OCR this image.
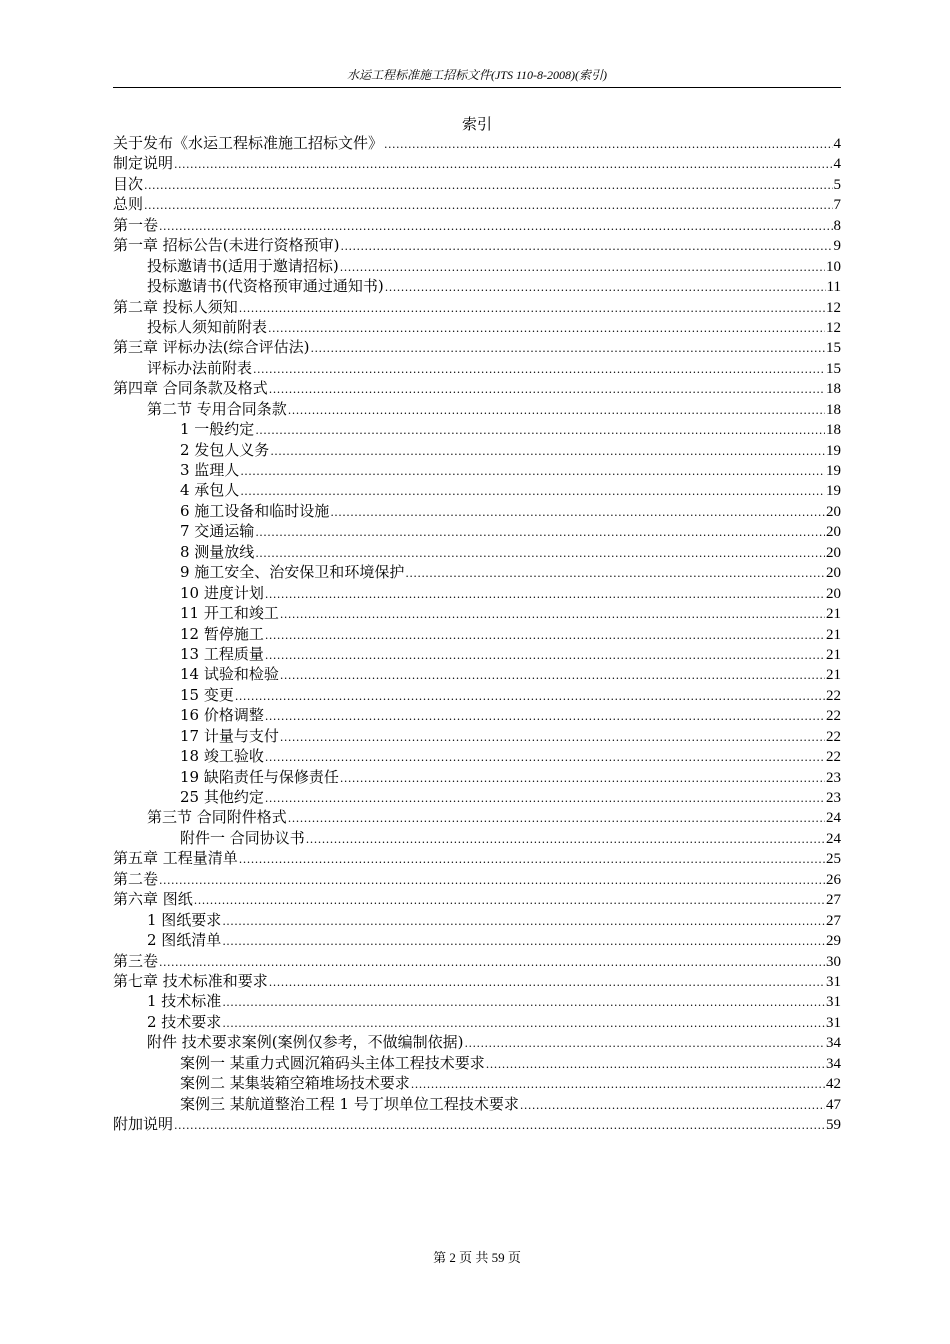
水运工程标准施工招标文件(JTS 110-8-2008)(索引)
索引
关于发布《水运工程标准施工招标文件》 .....	4
制定说明 .....	4
目次 .....	5
总则 .....	7
第一卷 .....	8
第一章 招标公告(未进行资格预审) .....	9
投标邀请书(适用于邀请招标) .....	10
投标邀请书(代资格预审通过通知书) .....	11
第二章 投标人须知 .....	12
投标人须知前附表 .....	12
第三章 评标办法(综合评估法) .....	15
评标办法前附表 .....	15
第四章 合同条款及格式 .....	18
第二节 专用合同条款 .....	18
1 一般约定 .....	18
2 发包人义务 .....	19
3 监理人 .....	19
4 承包人 .....	19
6 施工设备和临时设施 .....	20
7 交通运输 .....	20
8 测量放线 .....	20
9 施工安全、治安保卫和环境保护 .....	20
10 进度计划 .....	20
11 开工和竣工 .....	21
12 暂停施工 .....	21
13 工程质量 .....	21
14 试验和检验 .....	21
15 变更 .....	22
16 价格调整 .....	22
17 计量与支付 .....	22
18 竣工验收 .....	22
19 缺陷责任与保修责任 .....	23
25 其他约定 .....	23
第三节 合同附件格式 .....	24
附件一 合同协议书 .....	24
第五章 工程量清单 .....	25
第二卷 .....	26
第六章 图纸 .....	27
1 图纸要求 .....	27
2 图纸清单 .....	29
第三卷 .....	30
第七章 技术标准和要求 .....	31
1 技术标准 .....	31
2 技术要求 .....	31
附件 技术要求案例(案例仅参考，不做编制依据) .....	34
案例一 某重力式圆沉箱码头主体工程技术要求 .....	34
案例二 某集装箱空箱堆场技术要求 .....	42
案例三 某航道整治工程 1 号丁坝单位工程技术要求 .....	47
附加说明 .....	59
第 2 页 共 59 页
